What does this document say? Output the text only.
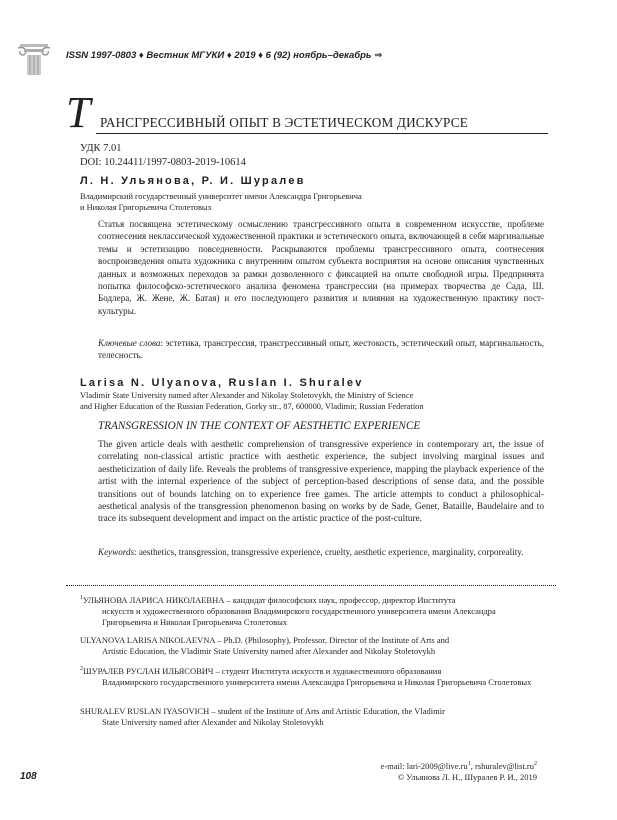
ISSN 1997-0803 ♦ Вестник МГУКИ ♦ 2019 ♦ 6 (92) ноябрь–декабрь ⇒
Т РАНСГРЕССИВНЫЙ ОПЫТ В ЭСТЕТИЧЕСКОМ ДИСКУРСЕ
УДК 7.01
DOI: 10.24411/1997-0803-2019-10614
Л. Н. Ульянова, Р. И. Шуралев
Владимирский государственный университет имени Александра Григорьевича
и Николая Григорьевича Столетовых
Статья посвящена эстетическому осмыслению трансгрессивного опыта в современном искусстве, проблеме соотнесения неклассической художественной практики и эстетического опыта, включающей в себя маргинальные темы и эстетизацию повседневности. Раскрываются проблемы трансгрессивного опыта, соотнесения воспроизведения опыта художника с внутренним опытом субъекта восприятия на основе описания чувственных данных и возможных переходов за рамки дозволенного с фиксацией на опыте свободной игры. Предпринята попытка философско-эстетического анализа феномена трансгрессии (на примерах творчества де Сада, Ш. Бодлера, Ж. Жене, Ж. Батая) и его последующего развития и влияния на художественную практику пост-культуры.
Ключевые слова: эстетика, трансгрессия, трансгрессивный опыт, жестокость, эстетический опыт, маргинальность, телесность.
Larisa N. Ulyanova, Ruslan I. Shuralev
Vladimir State University named after Alexander and Nikolay Stoletovykh, the Ministry of Science
and Higher Education of the Russian Federation, Gorky str., 87, 600000, Vladimir, Russian Federation
TRANSGRESSION IN THE CONTEXT OF AESTHETIC EXPERIENCE
The given article deals with aesthetic comprehension of transgressive experience in contemporary art, the issue of correlating non-classical artistic practice with aesthetic experience, the subject involving marginal issues and aestheticization of daily life. Reveals the problems of transgressive experience, mapping the playback experience of the artist with the internal experience of the subject of perception-based descriptions of sense data, and the possible transitions out of bounds latching on to experience free games. The article attempts to conduct a philosophical-aesthetical analysis of the transgression phenomenon basing on works by de Sade, Genet, Bataille, Baudelaire and to trace its subsequent development and impact on the artistic practice of the post-culture.
Keywords: aesthetics, transgression, transgressive experience, cruelty, aesthetic experience, marginality, corporeality.
$^1$УЛЬЯНОВА ЛАРИСА НИКОЛАЕВНА – кандидат философских наук, профессор, директор Института
искусств и художественного образования Владимирского государственного университета имени Александра Григорьевича и Николая Григорьевича Столетовых
ULYANOVA LARISA NIKOLAEVNA – Ph.D. (Philosophy), Professor, Director of the Institute of Arts and
Artistic Education, the Vladimir State University named after Alexander and Nikolay Stoletovykh
$^2$ШУРАЛЕВ РУСЛАН ИЛЬЯСОВИЧ – студент Института искусств и художественного образования
Владимирского государственного университета имени Александра Григорьевича и Николая Григорьевича Столетовых
SHURALEV RUSLAN IYASOVICH – student of the Institute of Arts and Artistic Education, the Vladimir
State University named after Alexander and Nikolay Stoletovykh
e-mail: lari-$2009@live.ru^1$, $rshuralev@list.ru^2$
© Ульянова Л. Н., Шуралев Р. И., 2019
108
